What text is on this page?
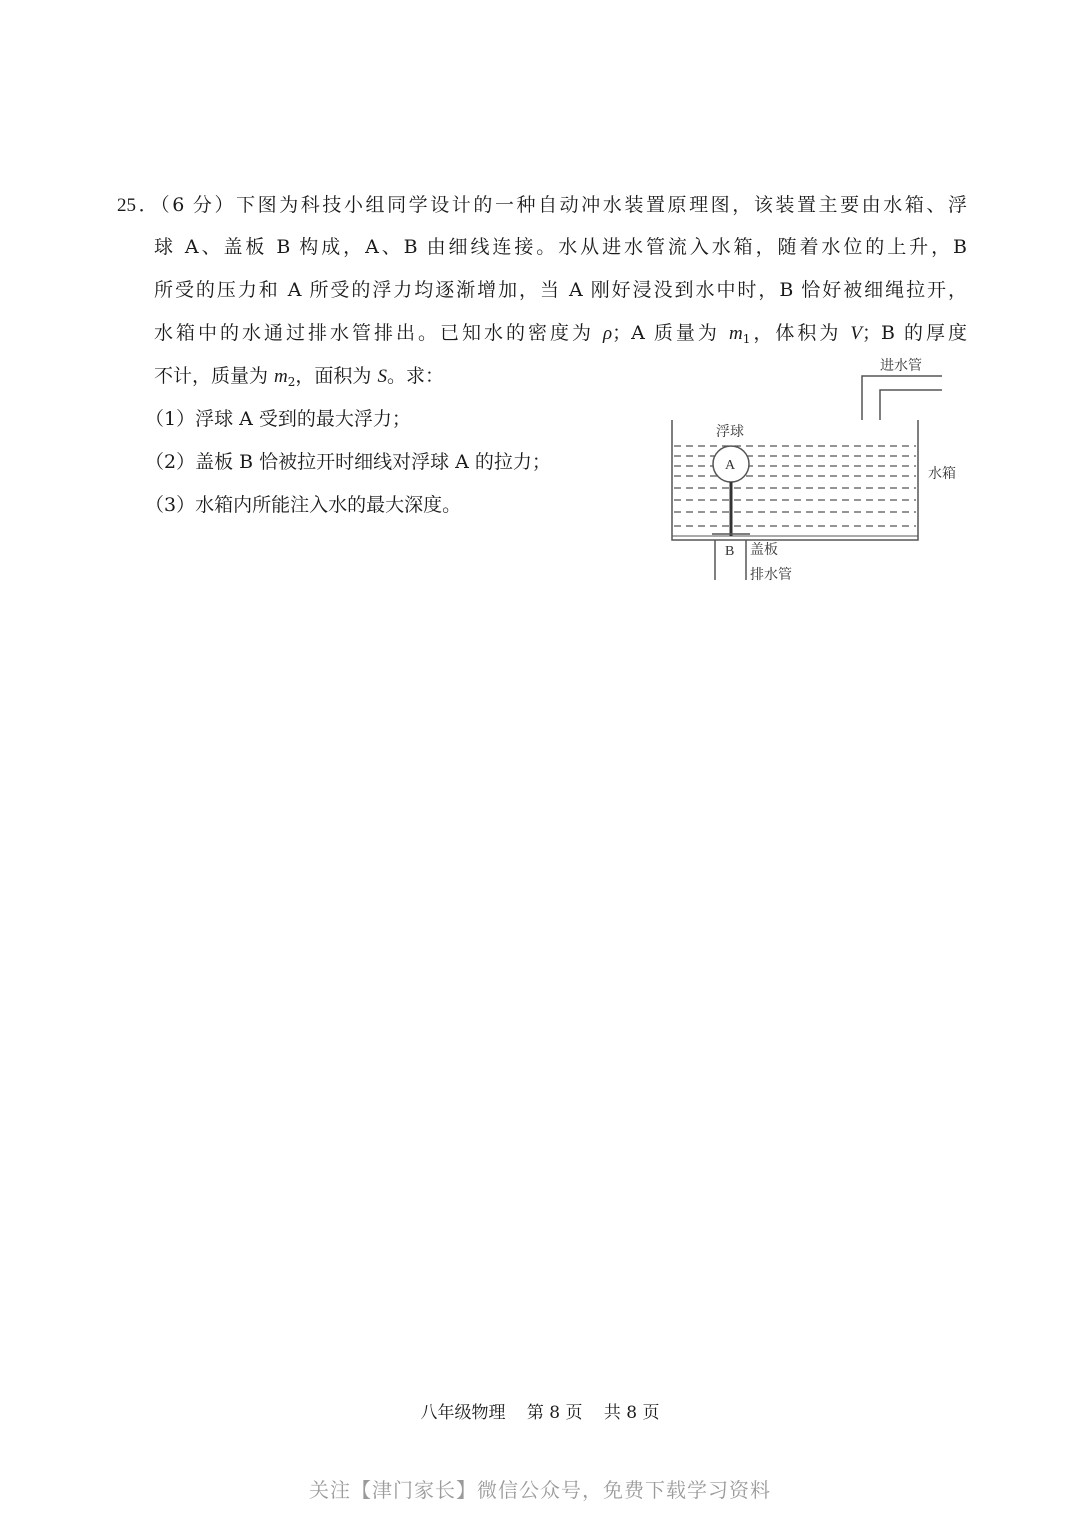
25．（6 分）下图为科技小组同学设计的一种自动冲水装置原理图，该装置主要由水箱、浮
球 A、盖板 B 构成，A、B 由细线连接。水从进水管流入水箱，随着水位的上升，B
所受的压力和 A 所受的浮力均逐渐增加，当 A 刚好浸没到水中时，B 恰好被细绳拉开，
水箱中的水通过排水管排出。已知水的密度为 ρ；A 质量为 $m_1$，体积为 V；B 的厚度
不计，质量为 $m_2$，面积为 S。求：
（1）浮球 A 受到的最大浮力；
（2）盖板 B 恰被拉开时细线对浮球 A 的拉力；
（3）水箱内所能注入水的最大深度。
进水管
浮球
A
水箱
B 盖板
排水管
八年级物理 第 8 页 共 8 页
关注【津门家长】微信公众号，免费下载学习资料
